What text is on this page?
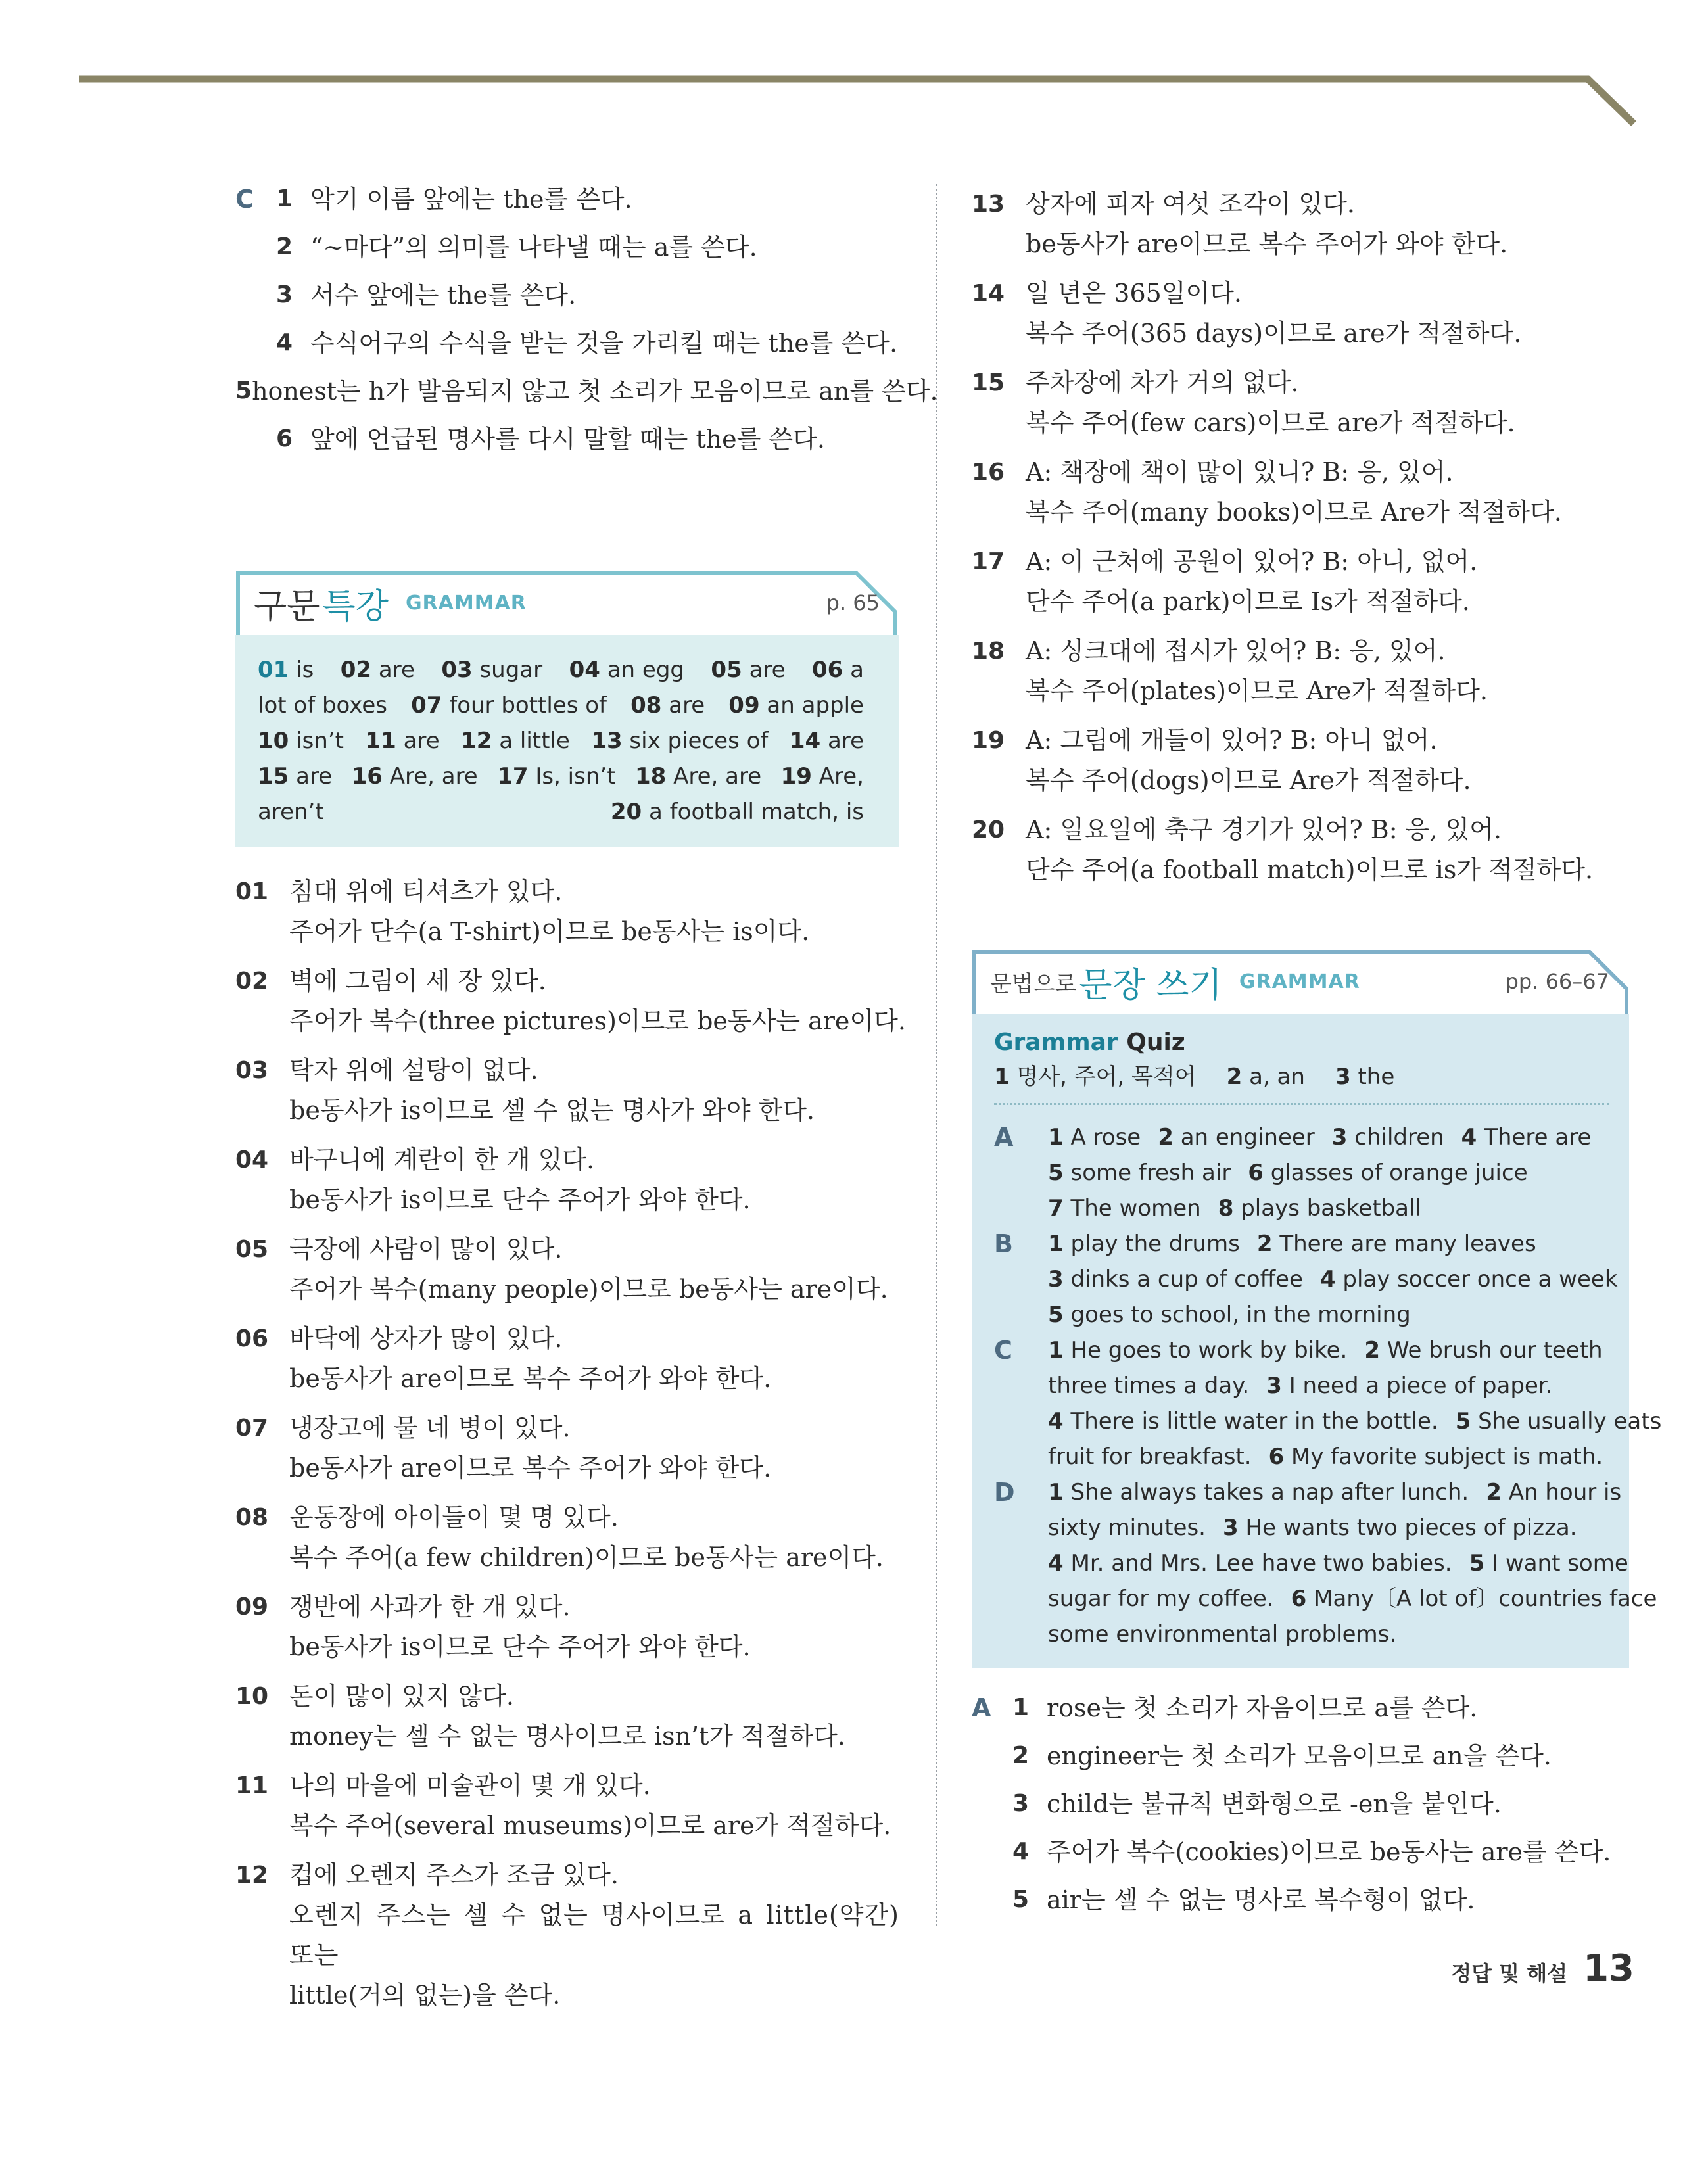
C 1 악기 이름 앞에는 the를 쓴다.
2 “~마다”의 의미를 나타낼 때는 a를 쓴다.
3 서수 앞에는 the를 쓴다.
4 수식어구의 수식을 받는 것을 가리킬 때는 the를 쓴다.
5 honest는 h가 발음되지 않고 첫 소리가 모음이므로 an를 쓴다.
6 앞에 언급된 명사를 다시 말할 때는 the를 쓴다.
구문 특강 GRAMMAR	p. 65
01 is 02 are 03 sugar 04 an egg 05 are 06 a
lot of boxes 07 four bottles of 08 are 09 an apple
10 isn’t 11 are 12 a little 13 six pieces of 14 are
15 are 16 Are, are 17 Is, isn’t 18 Are, are 19 Are,
aren’t	20 a football match, is
01 침대 위에 티셔츠가 있다.
주어가 단수(a T-shirt)이므로 be동사는 is이다.
02 벽에 그림이 세 장 있다.
주어가 복수(three pictures)이므로 be동사는 are이다.
03 탁자 위에 설탕이 없다.
be동사가 is이므로 셀 수 없는 명사가 와야 한다.
04 바구니에 계란이 한 개 있다.
be동사가 is이므로 단수 주어가 와야 한다.
05 극장에 사람이 많이 있다.
주어가 복수(many people)이므로 be동사는 are이다.
06 바닥에 상자가 많이 있다.
be동사가 are이므로 복수 주어가 와야 한다.
07 냉장고에 물 네 병이 있다.
be동사가 are이므로 복수 주어가 와야 한다.
08 운동장에 아이들이 몇 명 있다.
복수 주어(a few children)이므로 be동사는 are이다.
09 쟁반에 사과가 한 개 있다.
be동사가 is이므로 단수 주어가 와야 한다.
10 돈이 많이 있지 않다.
money는 셀 수 없는 명사이므로 isn’t가 적절하다.
11 나의 마을에 미술관이 몇 개 있다.
복수 주어(several museums)이므로 are가 적절하다.
12 컵에 오렌지 주스가 조금 있다.
오렌지 주스는 셀 수 없는 명사이므로 a little(약간) 또는
little(거의 없는)을 쓴다.
13 상자에 피자 여섯 조각이 있다.
be동사가 are이므로 복수 주어가 와야 한다.
14 일 년은 365일이다.
복수 주어(365 days)이므로 are가 적절하다.
15 주차장에 차가 거의 없다.
복수 주어(few cars)이므로 are가 적절하다.
16 A: 책장에 책이 많이 있니? B: 응, 있어.
복수 주어(many books)이므로 Are가 적절하다.
17 A: 이 근처에 공원이 있어? B: 아니, 없어.
단수 주어(a park)이므로 Is가 적절하다.
18 A: 싱크대에 접시가 있어? B: 응, 있어.
복수 주어(plates)이므로 Are가 적절하다.
19 A: 그림에 개들이 있어? B: 아니 없어.
복수 주어(dogs)이므로 Are가 적절하다.
20 A: 일요일에 축구 경기가 있어? B: 응, 있어.
단수 주어(a football match)이므로 is가 적절하다.
문법으로 문장 쓰기 GRAMMAR	pp. 66–67
Grammar Quiz
1 명사, 주어, 목적어 2 a, an 3 the
A	1 A rose 2 an engineer 3 children 4 There are
5 some fresh air 6 glasses of orange juice
7 The women 8 plays basketball
B	1 play the drums 2 There are many leaves
3 dinks a cup of coffee 4 play soccer once a week
5 goes to school, in the morning
C	1 He goes to work by bike. 2 We brush our teeth
three times a day. 3 I need a piece of paper.
4 There is little water in the bottle. 5 She usually eats
fruit for breakfast. 6 My favorite subject is math.
D	1 She always takes a nap after lunch. 2 An hour is
sixty minutes. 3 He wants two pieces of pizza.
4 Mr. and Mrs. Lee have two babies. 5 I want some
sugar for my coffee. 6 Many〔A lot of〕countries face
some environmental problems.
A 1 rose는 첫 소리가 자음이므로 a를 쓴다.
2 engineer는 첫 소리가 모음이므로 an을 쓴다.
3 child는 불규칙 변화형으로 -en을 붙인다.
4 주어가 복수(cookies)이므로 be동사는 are를 쓴다.
5 air는 셀 수 없는 명사로 복수형이 없다.
정답 및 해설 13
